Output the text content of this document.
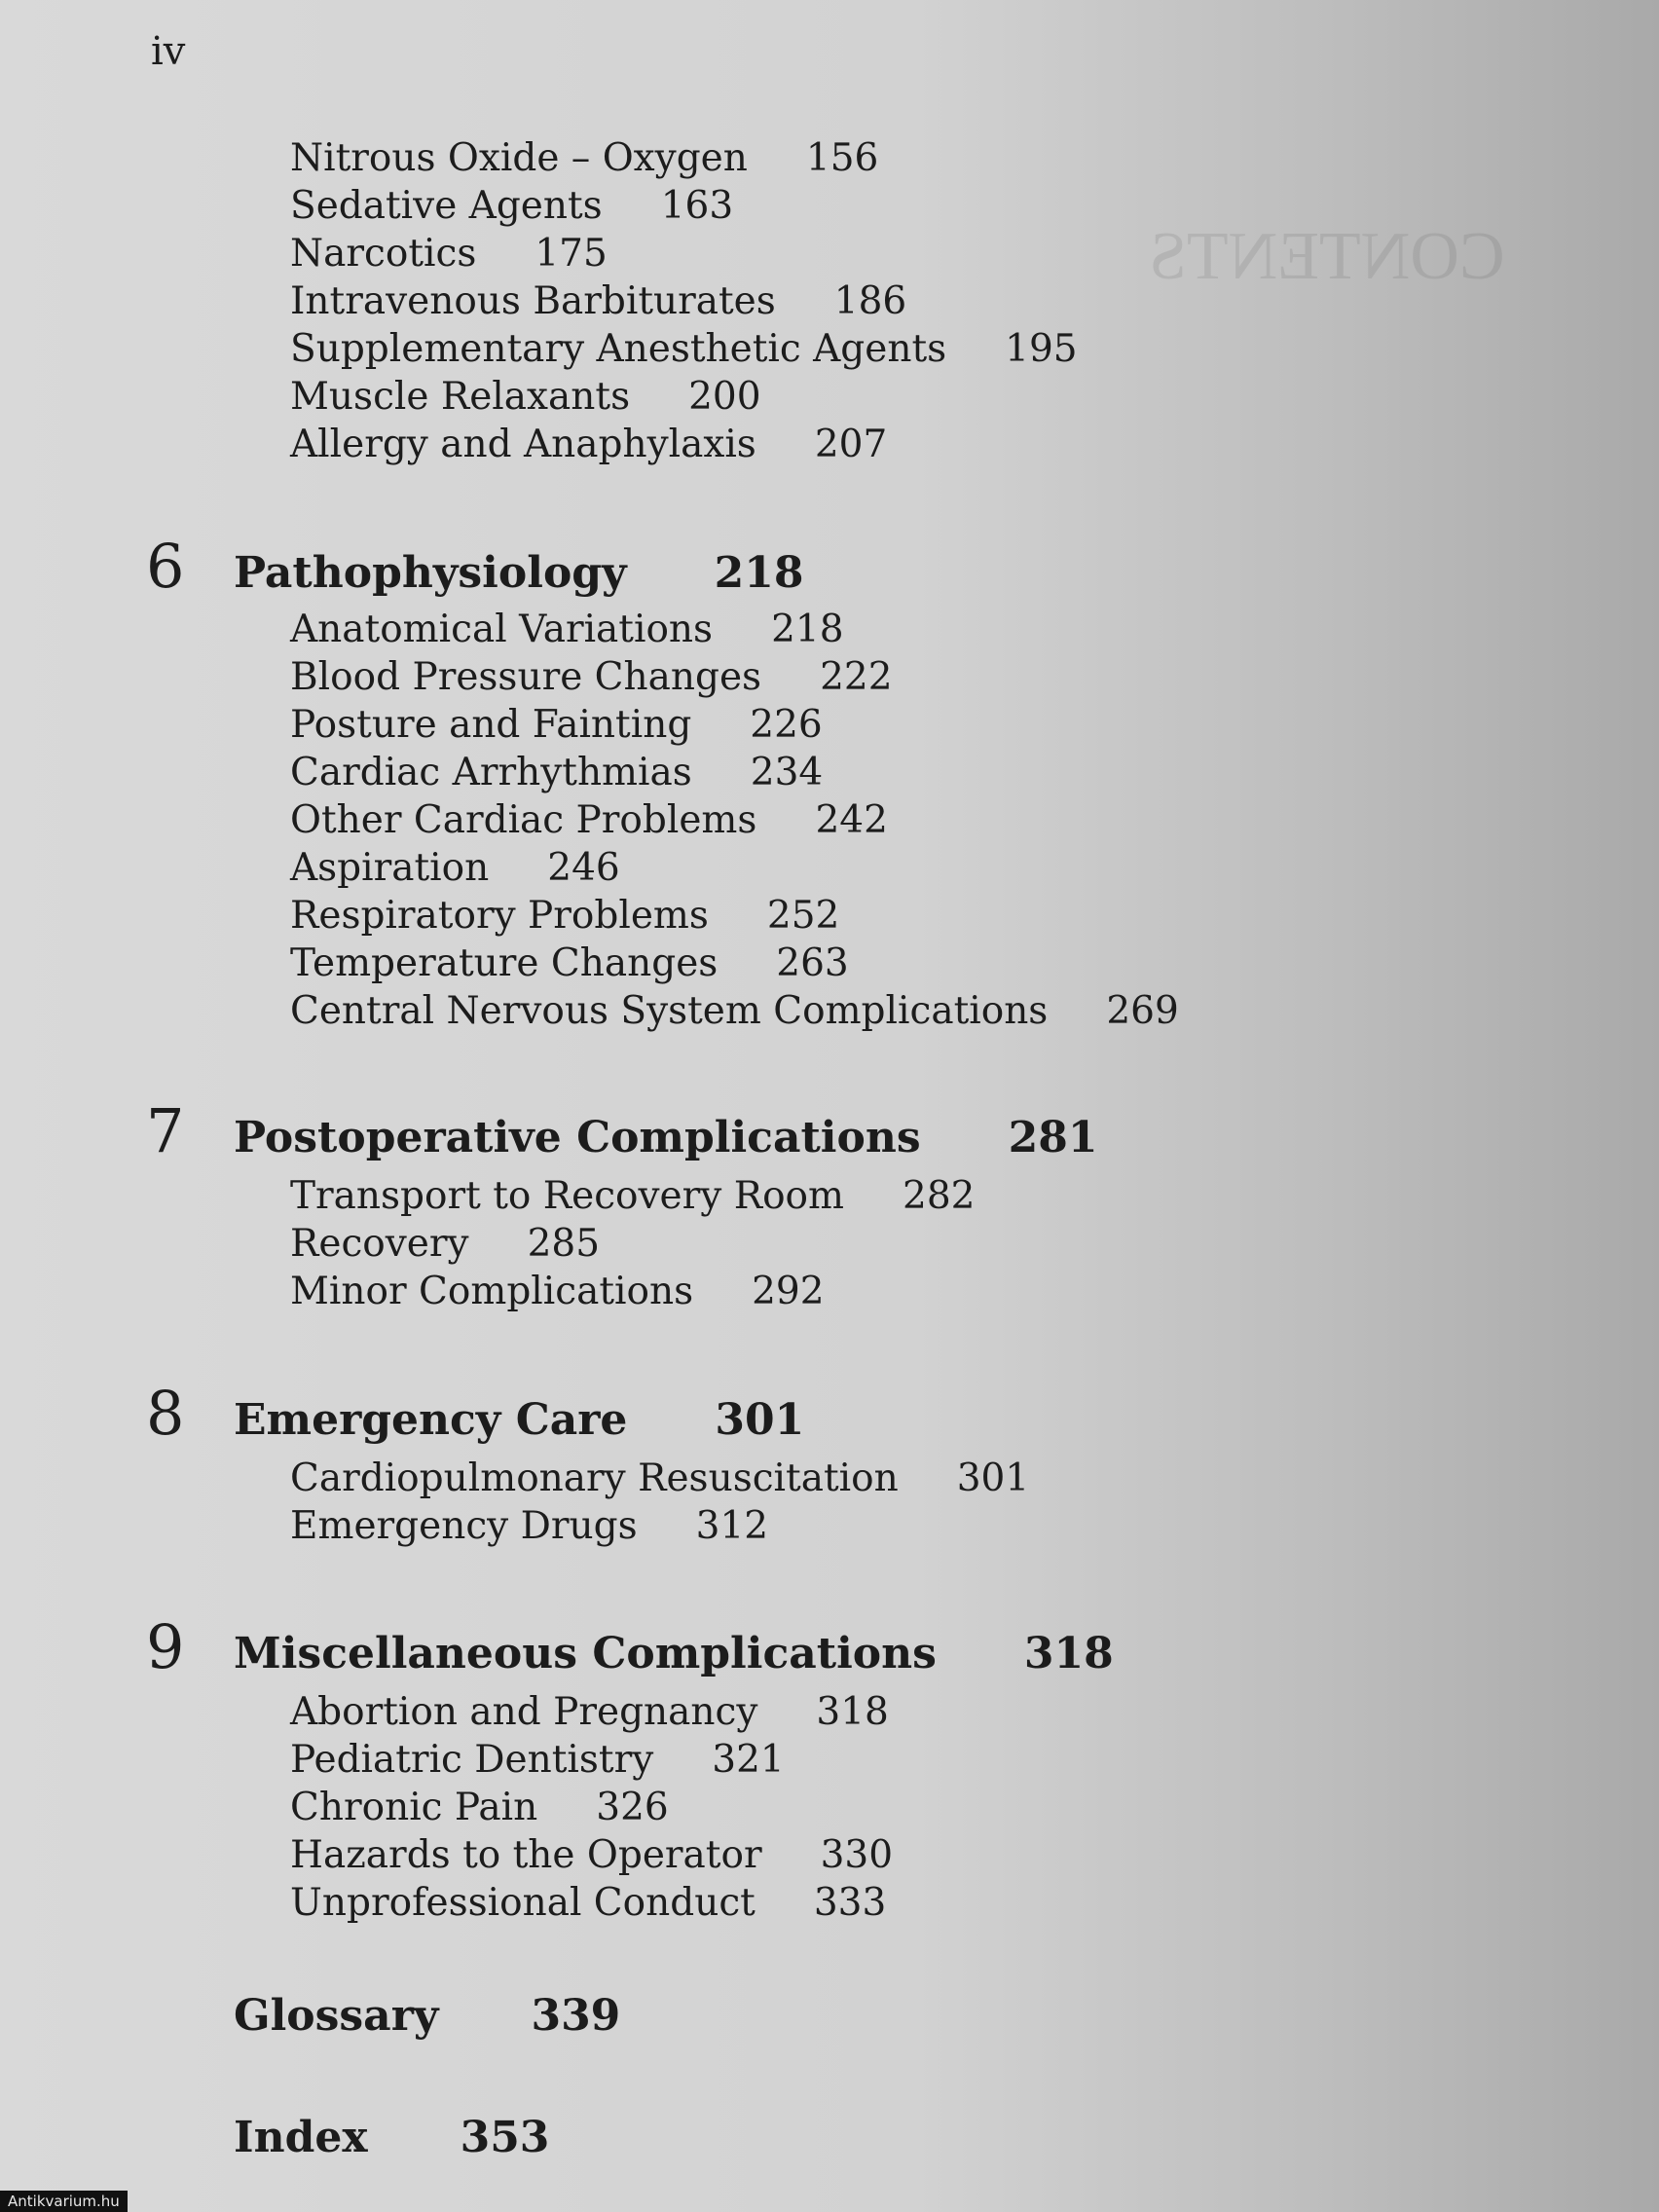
CONTENTS
iv
Nitrous Oxide – Oxygen 156
Sedative Agents 163
Narcotics 175
Intravenous Barbiturates 186
Supplementary Anesthetic Agents 195
Muscle Relaxants 200
Allergy and Anaphylaxis 207
6 Pathophysiology 218
Anatomical Variations 218
Blood Pressure Changes 222
Posture and Fainting 226
Cardiac Arrhythmias 234
Other Cardiac Problems 242
Aspiration 246
Respiratory Problems 252
Temperature Changes 263
Central Nervous System Complications 269
7 Postoperative Complications 281
Transport to Recovery Room 282
Recovery 285
Minor Complications 292
8 Emergency Care 301
Cardiopulmonary Resuscitation 301
Emergency Drugs 312
9 Miscellaneous Complications 318
Abortion and Pregnancy 318
Pediatric Dentistry 321
Chronic Pain 326
Hazards to the Operator 330
Unprofessional Conduct 333
Glossary 339
Index 353
Antikvarium.hu
